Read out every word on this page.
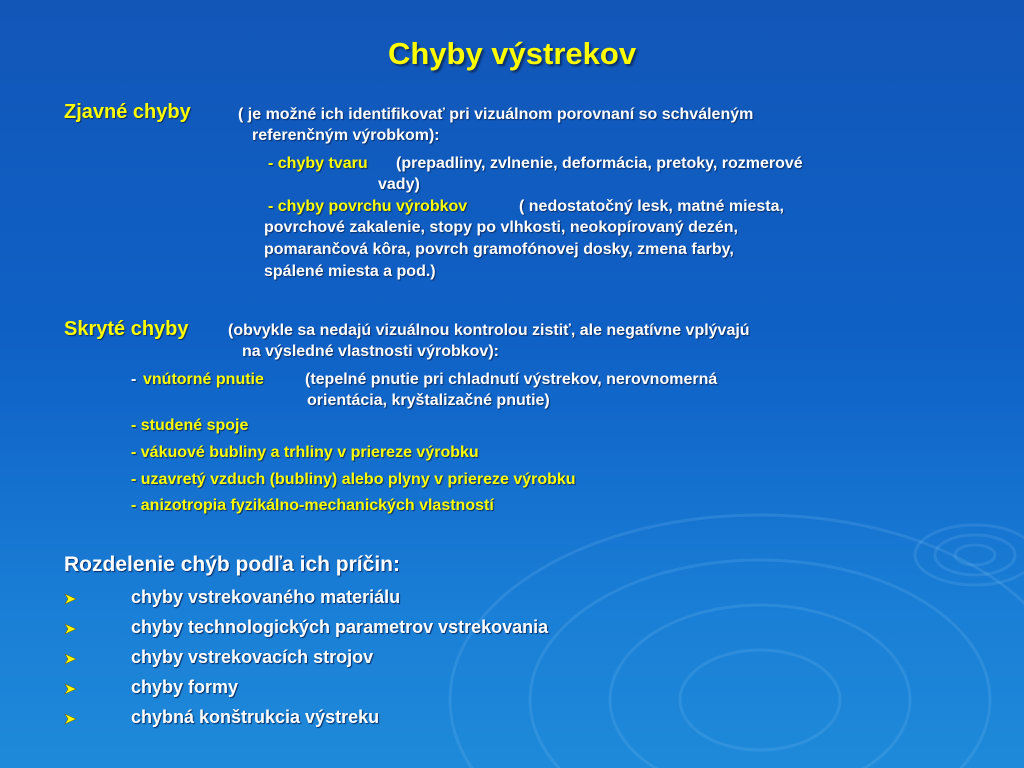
Chyby výstrekov
Zjavné chyby	( je možné ich identifikovať pri vizuálnom porovnaní so schváleným
referenčným výrobkom):
- chyby tvaru (prepadliny, zvlnenie, deformácia, pretoky, rozmerové
vady)
- chyby povrchu výrobkov	( nedostatočný lesk, matné miesta,
povrchové zakalenie, stopy po vlhkosti, neokopírovaný dezén,
pomarančová kôra, povrch gramofónovej dosky, zmena farby,
spálené miesta a pod.)
Skryté chyby (obvykle sa nedajú vizuálnou kontrolou zistiť, ale negatívne vplývajú
na výsledné vlastnosti výrobkov):
- vnútorné pnutie	(tepelné pnutie pri chladnutí výstrekov, nerovnomerná
orientácia, kryštalizačné pnutie)
- studené spoje
- vákuové bubliny a trhliny v priereze výrobku
- uzavretý vzduch (bubliny) alebo plyny v priereze výrobku
- anizotropia fyzikálno-mechanických vlastností
Rozdelenie chýb podľa ich príčin:
chyby vstrekovaného materiálu
chyby technologických parametrov vstrekovania
chyby vstrekovacích strojov
chyby formy
chybná konštrukcia výstreku
